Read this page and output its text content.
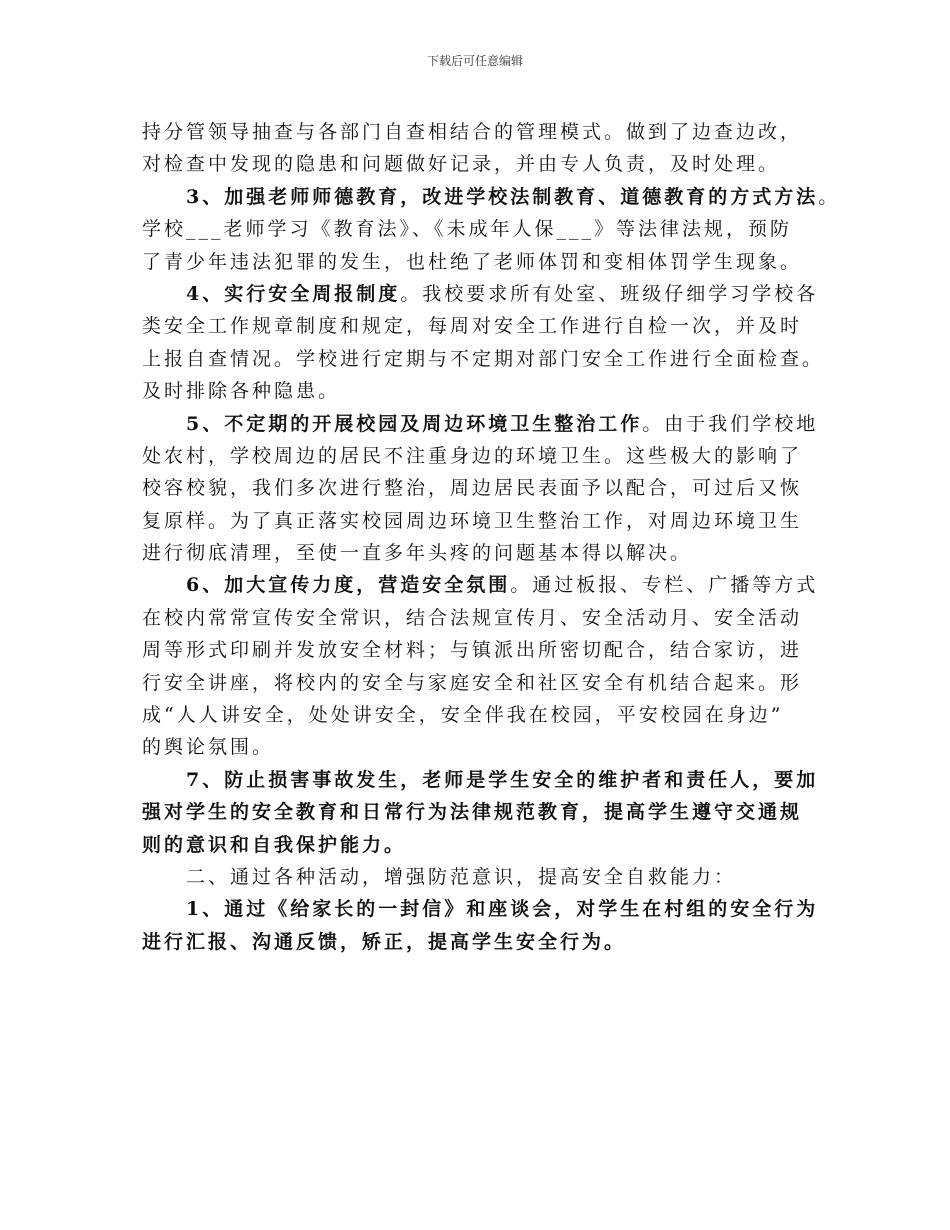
下载后可任意编辑

持分管领导抽查与各部门自查相结合的管理模式。做到了边查边改，
对检查中发现的隐患和问题做好记录，并由专人负责，及时处理。

3、加强老师师德教育，改进学校法制教育、道德教育的方式方法。
学校___老师学习《教育法》、《未成年人保___》等法律法规，预防
了青少年违法犯罪的发生，也杜绝了老师体罚和变相体罚学生现象。

4、实行安全周报制度。我校要求所有处室、班级仔细学习学校各
类安全工作规章制度和规定，每周对安全工作进行自检一次，并及时
上报自查情况。学校进行定期与不定期对部门安全工作进行全面检查。
及时排除各种隐患。

5、不定期的开展校园及周边环境卫生整治工作。由于我们学校地
处农村，学校周边的居民不注重身边的环境卫生。这些极大的影响了
校容校貌，我们多次进行整治，周边居民表面予以配合，可过后又恢
复原样。为了真正落实校园周边环境卫生整治工作，对周边环境卫生
进行彻底清理，至使一直多年头疼的问题基本得以解决。

6、加大宣传力度，营造安全氛围。通过板报、专栏、广播等方式
在校内常常宣传安全常识，结合法规宣传月、安全活动月、安全活动
周等形式印刷并发放安全材料；与镇派出所密切配合，结合家访，进
行安全讲座，将校内的安全与家庭安全和社区安全有机结合起来。形
成“人人讲安全，处处讲安全，安全伴我在校园，平安校园在身边”
的舆论氛围。

7、防止损害事故发生，老师是学生安全的维护者和责任人，要加
强对学生的安全教育和日常行为法律规范教育，提高学生遵守交通规
则的意识和自我保护能力。

二、通过各种活动，增强防范意识，提高安全自救能力：

1、通过《给家长的一封信》和座谈会，对学生在村组的安全行为
进行汇报、沟通反馈，矫正，提高学生安全行为。
